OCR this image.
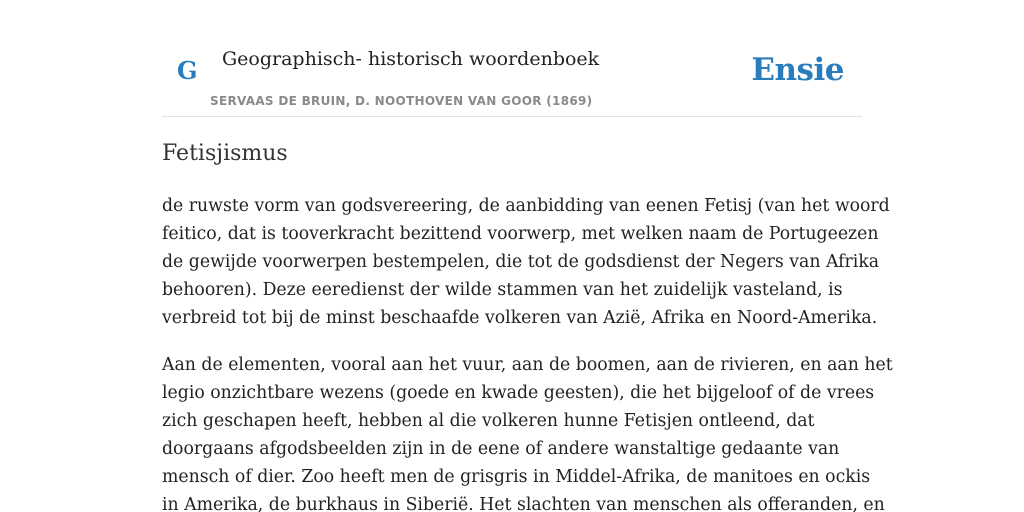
G Geographisch- historisch woordenboek
SERVAAS DE BRUIN, D. NOOTHOVEN VAN GOOR (1869)
Ensie
Fetisjismus

de ruwste vorm van godsvereering, de aanbidding van eenen Fetisj (van het woord
feitico, dat is tooverkracht bezittend voorwerp, met welken naam de Portugeezen
de gewijde voorwerpen bestempelen, die tot de godsdienst der Negers van Afrika
behooren). Deze eeredienst der wilde stammen van het zuidelijk vasteland, is
verbreid tot bij de minst beschaafde volkeren van Azië, Afrika en Noord-Amerika.

Aan de elementen, vooral aan het vuur, aan de boomen, aan de rivieren, en aan het
legio onzichtbare wezens (goede en kwade geesten), die het bijgeloof of de vrees
zich geschapen heeft, hebben al die volkeren hunne Fetisjen ontleend, dat
doorgaans afgodsbeelden zijn in de eene of andere wanstaltige gedaante van
mensch of dier. Zoo heeft men de grisgris in Middel-Afrika, de manitoes en ockis
in Amerika, de burkhaus in Siberië. Het slachten van menschen als offeranden, en
